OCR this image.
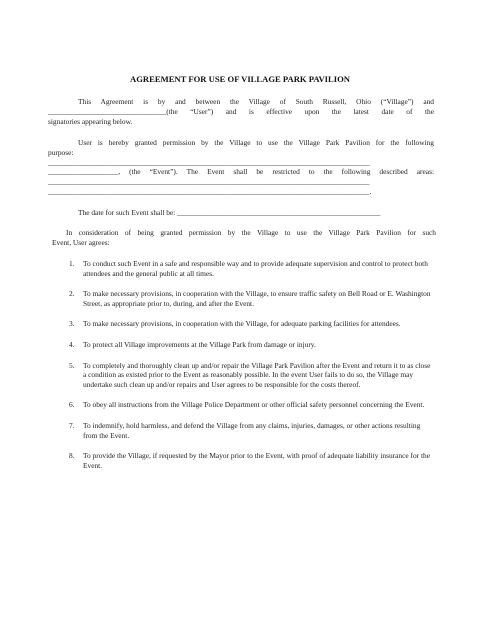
AGREEMENT FOR USE OF VILLAGE PARK PAVILION
This Agreement is by and between the Village of South Russell, Ohio (“Village”) and
________________________________(the “User”) and is effective upon the latest date of the
signatories appearing below.
User is hereby granted permission by the Village to use the Village Park Pavilion for the following
purpose:
_______________________________________________________________________________________
___________________, (the “Event”). The Event shall be restricted to the following described areas:
_______________________________________________________________________________________
_______________________________________________________________________________________.
The date for such Event shall be: _______________________________________________________
In consideration of being granted permission by the Village to use the Village Park Pavilion for such
Event, User agrees:
1. To conduct such Event in a safe and responsible way and to provide adequate supervision and control to protect both attendees and the general public at all times.
2. To make necessary provisions, in cooperation with the Village, to ensure traffic safety on Bell Road or E. Washington Street, as appropriate prior to, during, and after the Event.
3. To make necessary provisions, in cooperation with the Village, for adequate parking facilities for attendees.
4. To protect all Village improvements at the Village Park from damage or injury.
5. To completely and thoroughly clean up and/or repair the Village Park Pavilion after the Event and return it to as close a condition as existed prior to the Event as reasonably possible. In the event User fails to do so, the Village may undertake such clean up and/or repairs and User agrees to be responsible for the costs thereof.
6. To obey all instructions from the Village Police Department or other official safety personnel concerning the Event.
7. To indemnify, hold harmless, and defend the Village from any claims, injuries, damages, or other actions resulting from the Event.
8. To provide the Village, if requested by the Mayor prior to the Event, with proof of adequate liability insurance for the Event.
